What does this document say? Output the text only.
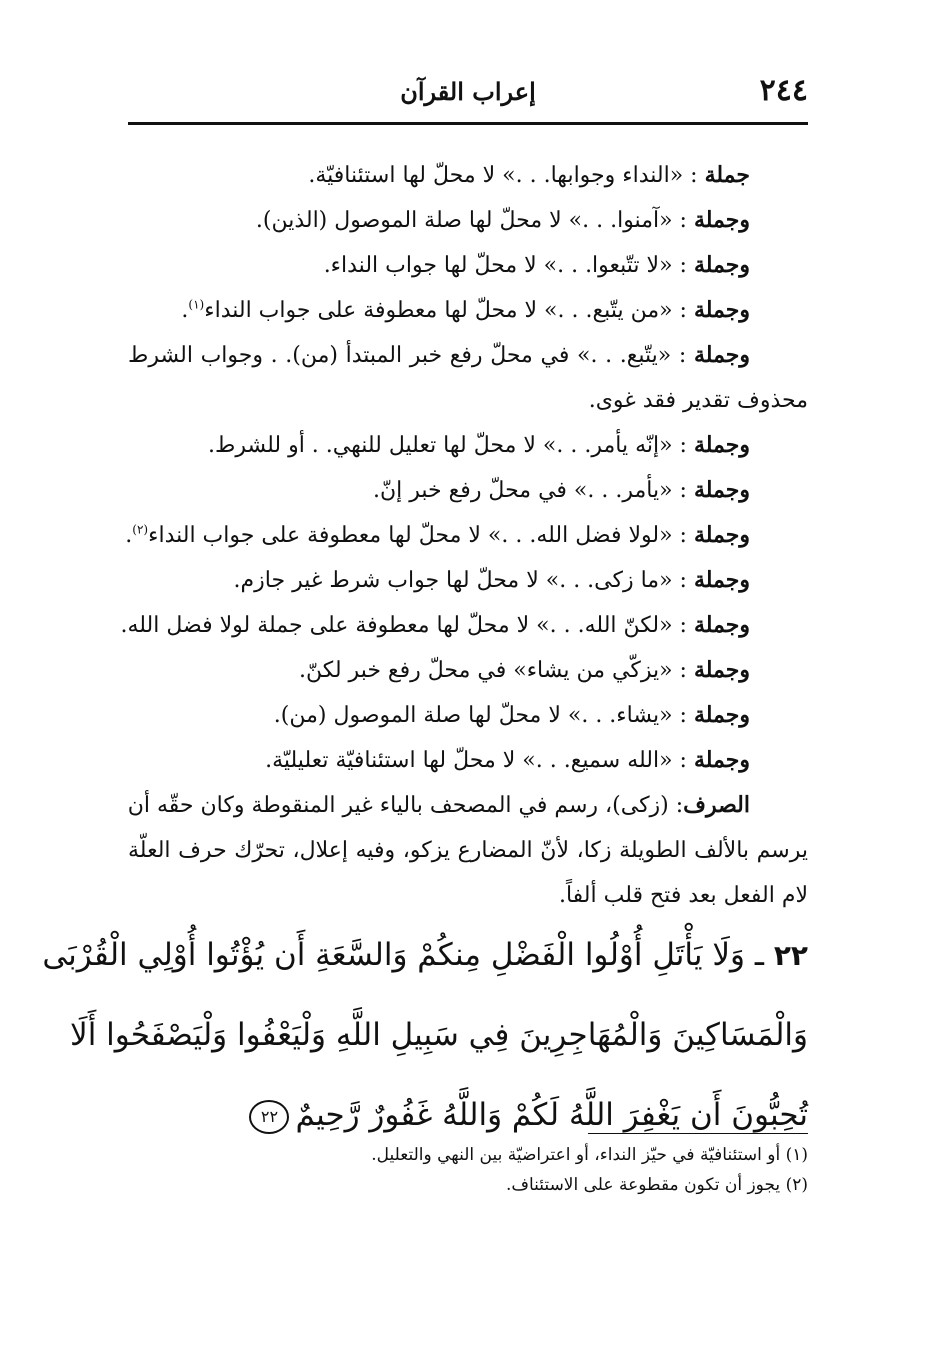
٢٤٤
إعراب القرآن
جملة : «النداء وجوابها. . .» لا محلّ لها استئنافيّة.
وجملة : «آمنوا. . .» لا محلّ لها صلة الموصول (الذين).
وجملة : «لا تتّبعوا. . .» لا محلّ لها جواب النداء.
وجملة : «من يتّبع. . .» لا محلّ لها معطوفة على جواب النداء$^{(١)}$.
وجملة : «يتّبع. . .» في محلّ رفع خبر المبتدأ (من). . وجواب الشرط
محذوف تقدير فقد غوى.
وجملة : «إنّه يأمر. . .» لا محلّ لها تعليل للنهي. . أو للشرط.
وجملة : «يأمر. . .» في محلّ رفع خبر إنّ.
وجملة : «لولا فضل الله. . .» لا محلّ لها معطوفة على جواب النداء$^{(٢)}$.
وجملة : «ما زكى. . .» لا محلّ لها جواب شرط غير جازم.
وجملة : «لكنّ الله. . .» لا محلّ لها معطوفة على جملة لولا فضل الله.
وجملة : «يزكّي من يشاء» في محلّ رفع خبر لكنّ.
وجملة : «يشاء. . .» لا محلّ لها صلة الموصول (من).
وجملة : «الله سميع. . .» لا محلّ لها استئنافيّة تعليليّة.
الصرف: (زكى)، رسم في المصحف بالياء غير المنقوطة وكان حقّه أن
يرسم بالألف الطويلة زكا، لأنّ المضارع يزكو، وفيه إعلال، تحرّك حرف العلّة
لام الفعل بعد فتح قلب ألفاً.
٢٢ ـ وَلَا يَأْتَلِ أُوْلُوا الْفَضْلِ مِنكُمْ وَالسَّعَةِ أَن يُؤْتُوا أُوْلِي الْقُرْبَى
وَالْمَسَاكِينَ وَالْمُهَاجِرِينَ فِي سَبِيلِ اللَّهِ وَلْيَعْفُوا وَلْيَصْفَحُوا أَلَا
تُحِبُّونَ أَن يَغْفِرَ اللَّهُ لَكُمْ وَاللَّهُ غَفُورٌ رَّحِيمٌ٢٢
(١) أو استئنافيّة في حيّز النداء، أو اعتراضيّة بين النهي والتعليل.
(٢) يجوز أن تكون مقطوعة على الاستئناف.
